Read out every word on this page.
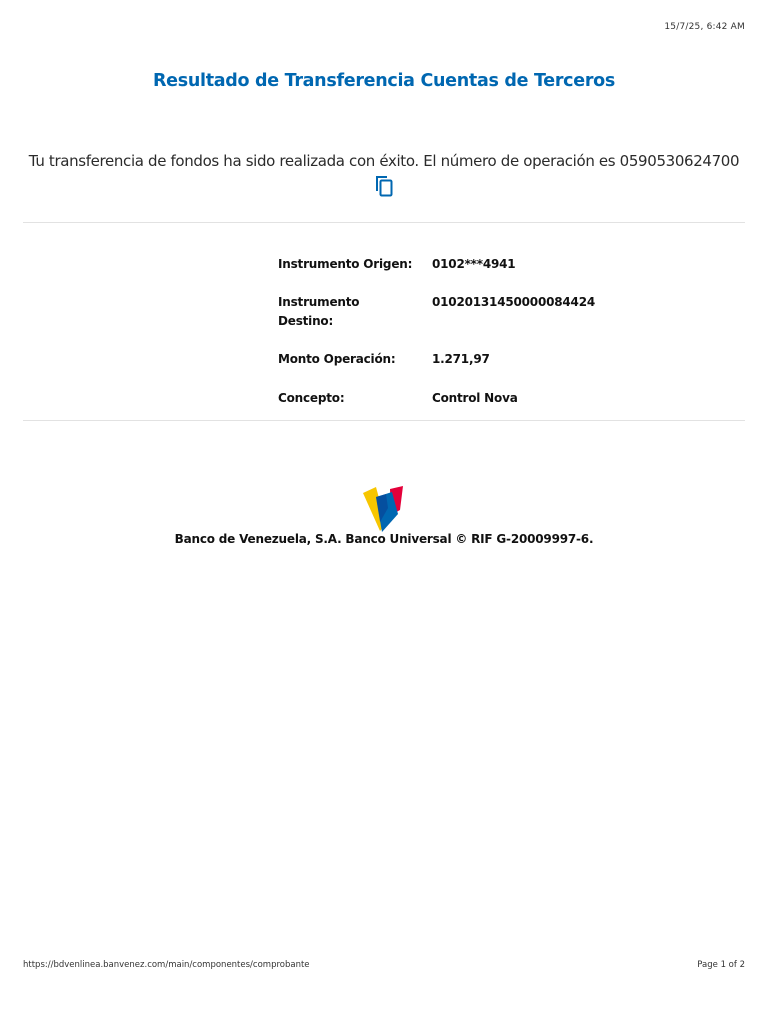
15/7/25, 6:42 AM
Resultado de Transferencia Cuentas de Terceros
Tu transferencia de fondos ha sido realizada con éxito. El número de operación es 0590530624700
Instrumento Origen:	0102***4941
Instrumento
Destino:
01020131450000084424
Monto Operación:	1.271,97
Concepto:	Control Nova
Banco de Venezuela, S.A. Banco Universal © RIF G-20009997-6.
https://bdvenlinea.banvenez.com/main/componentes/comprobante	Page 1 of 2
